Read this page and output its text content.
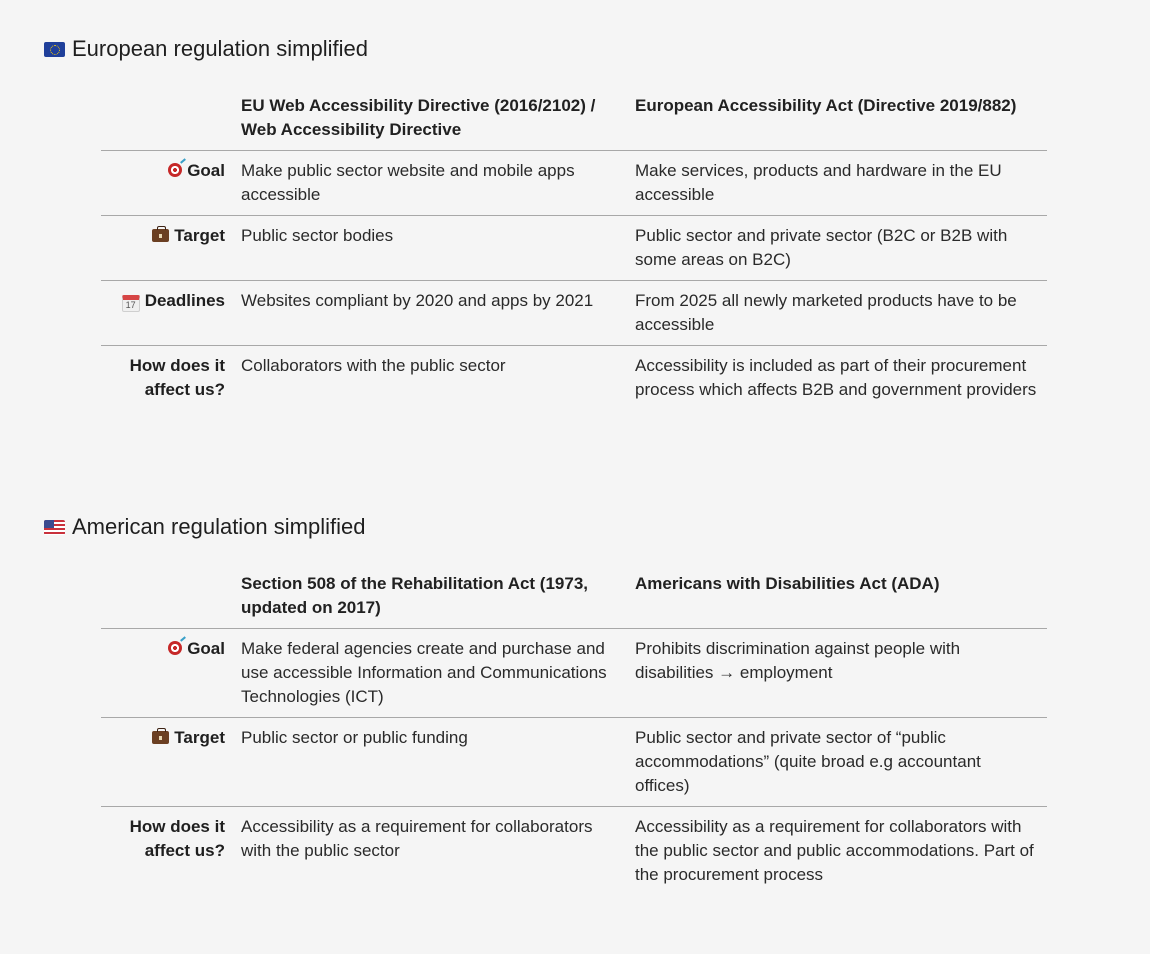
European regulation simplified
	EU Web Accessibility Directive (2016/2102) / Web Accessibility Directive	European Accessibility Act (Directive 2019/882)
Goal	Make public sector website and mobile apps accessible	Make services, products and hardware in the EU accessible
Target	Public sector bodies	Public sector and private sector (B2C or B2B with some areas on B2C)
17 Deadlines	Websites compliant by 2020 and apps by 2021	From 2025 all newly marketed products have to be accessible
How does it affect us?	Collaborators with the public sector	Accessibility is included as part of their procurement process which affects B2B and government providers
American regulation simplified
	Section 508 of the Rehabilitation Act (1973, updated on 2017)	Americans with Disabilities Act (ADA)
Goal	Make federal agencies create and purchase and use accessible Information and Communications Technologies (ICT)	Prohibits discrimination against people with disabilities → employment
Target	Public sector or public funding	Public sector and private sector of “public accommodations” (quite broad e.g accountant offices)
How does it affect us?	Accessibility as a requirement for collaborators with the public sector	Accessibility as a requirement for collaborators with the public sector and public accommodations. Part of the procurement process
